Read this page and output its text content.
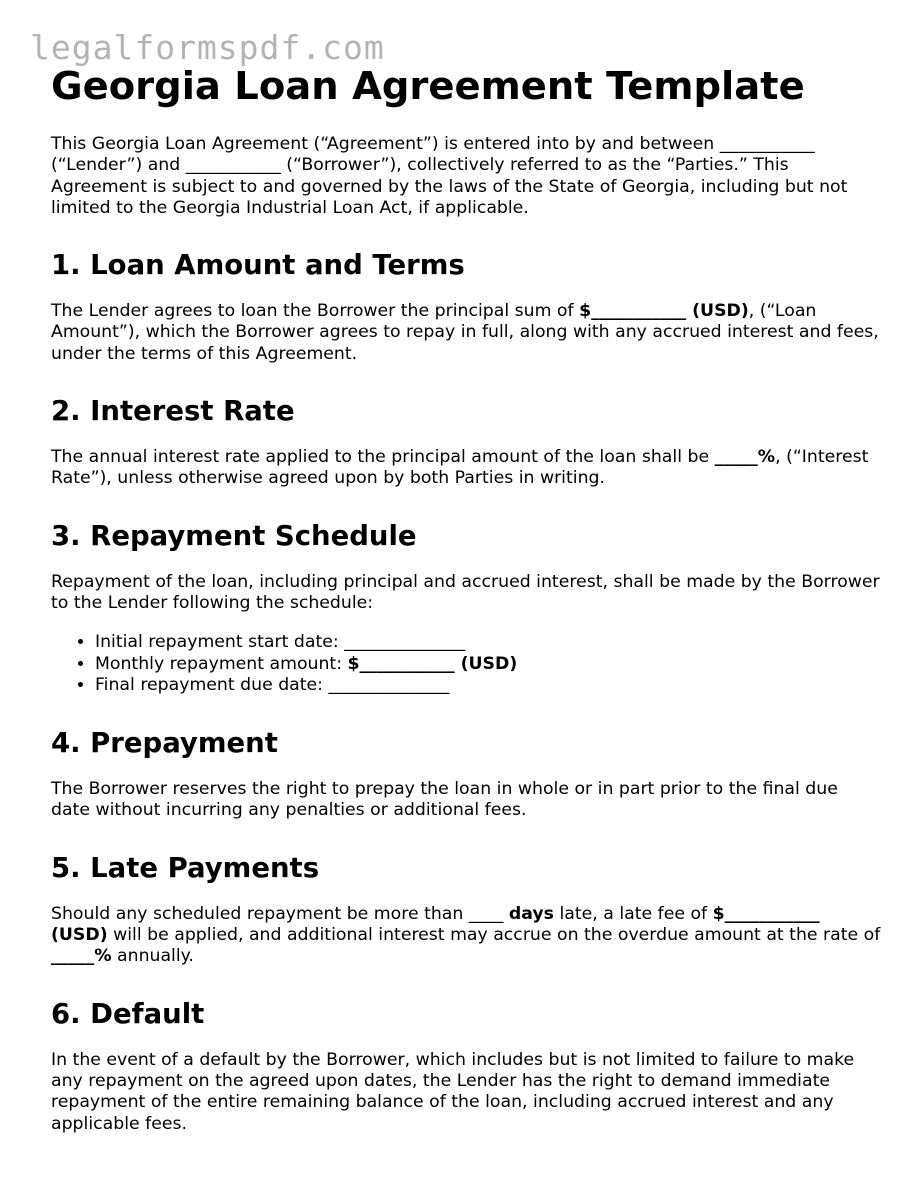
legalformspdf.com
Georgia Loan Agreement Template

This Georgia Loan Agreement (“Agreement”) is entered into by and between ___________ (“Lender”) and ___________ (“Borrower”), collectively referred to as the “Parties.” This Agreement is subject to and governed by the laws of the State of Georgia, including but not limited to the Georgia Industrial Loan Act, if applicable.

1. Loan Amount and Terms

The Lender agrees to loan the Borrower the principal sum of $___________ (USD), (“Loan Amount”), which the Borrower agrees to repay in full, along with any accrued interest and fees, under the terms of this Agreement.

2. Interest Rate

The annual interest rate applied to the principal amount of the loan shall be _____%, (“Interest Rate”), unless otherwise agreed upon by both Parties in writing.

3. Repayment Schedule

Repayment of the loan, including principal and accrued interest, shall be made by the Borrower to the Lender following the schedule:

• Initial repayment start date: ______________
• Monthly repayment amount: $___________ (USD)
• Final repayment due date: ______________
4. Prepayment

The Borrower reserves the right to prepay the loan in whole or in part prior to the final due date without incurring any penalties or additional fees.

5. Late Payments

Should any scheduled repayment be more than ____ days late, a late fee of $___________ (USD) will be applied, and additional interest may accrue on the overdue amount at the rate of _____% annually.

6. Default

In the event of a default by the Borrower, which includes but is not limited to failure to make any repayment on the agreed upon dates, the Lender has the right to demand immediate repayment of the entire remaining balance of the loan, including accrued interest and any applicable fees.
